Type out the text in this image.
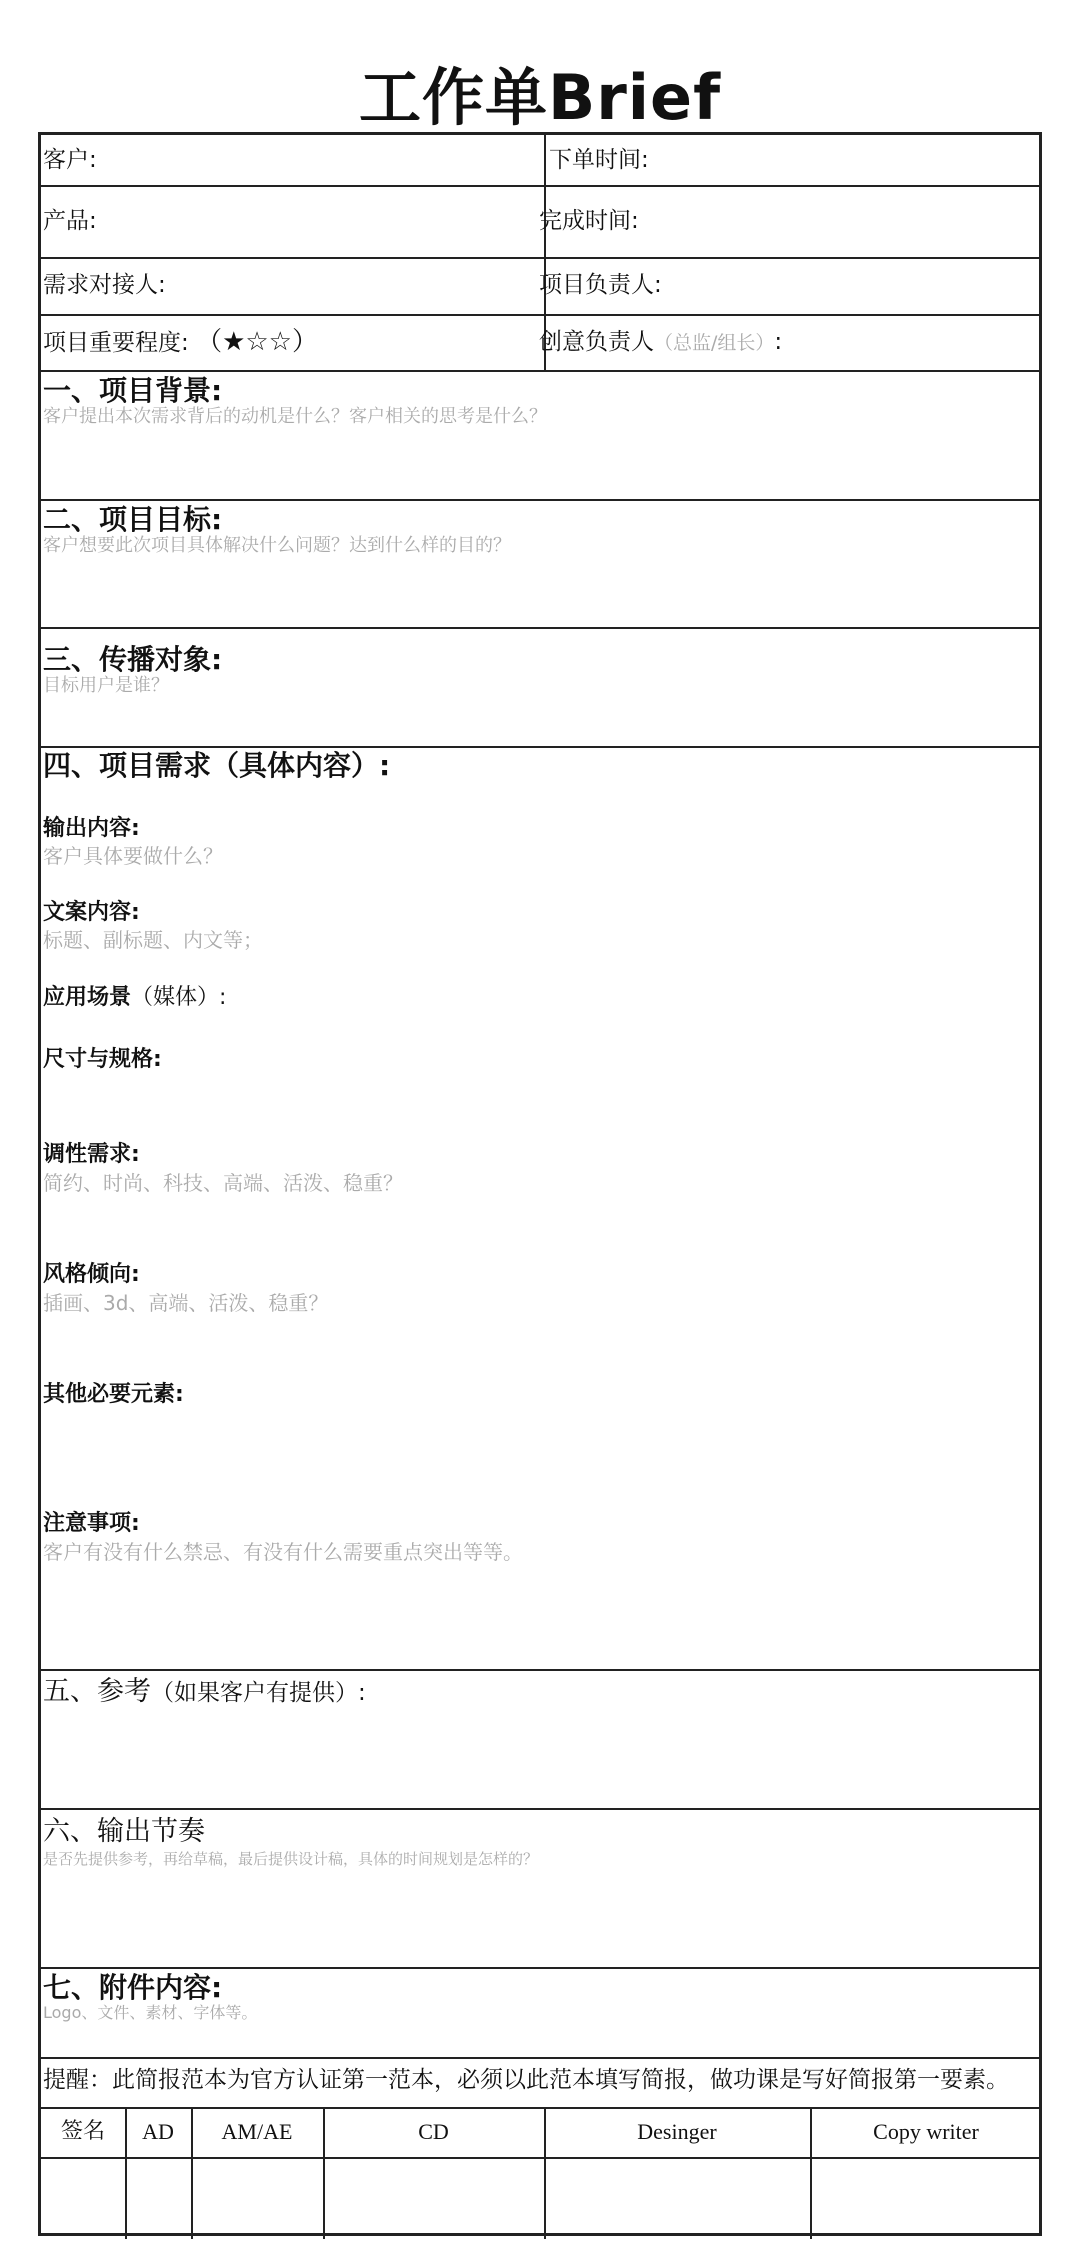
工作单Brief
客户:	下单时间:
产品:	完成时间:
需求对接人:	项目负责人:
项目重要程度: （★☆☆）	创意负责人（总监/组长）:
一、项目背景:
客户提出本次需求背后的动机是什么？客户相关的思考是什么？
二、项目目标:
客户想要此次项目具体解决什么问题？达到什么样的目的？
三、传播对象:
目标用户是谁？
四、项目需求（具体内容）:
输出内容:
客户具体要做什么？
文案内容:
标题、副标题、内文等；
应用场景（媒体）:
尺寸与规格:
调性需求:
简约、时尚、科技、高端、活泼、稳重？
风格倾向:
插画、3d、高端、活泼、稳重？
其他必要元素:
注意事项:
客户有没有什么禁忌、有没有什么需要重点突出等等。
五、参考（如果客户有提供）:
六、输出节奏
是否先提供参考，再给草稿，最后提供设计稿，具体的时间规划是怎样的？
七、附件内容:
Logo、文件、素材、字体等。
提醒：此简报范本为官方认证第一范本，必须以此范本填写简报，做功课是写好简报第一要素。
签名	AD	AM/AE	CD	Desinger	Copy writer
